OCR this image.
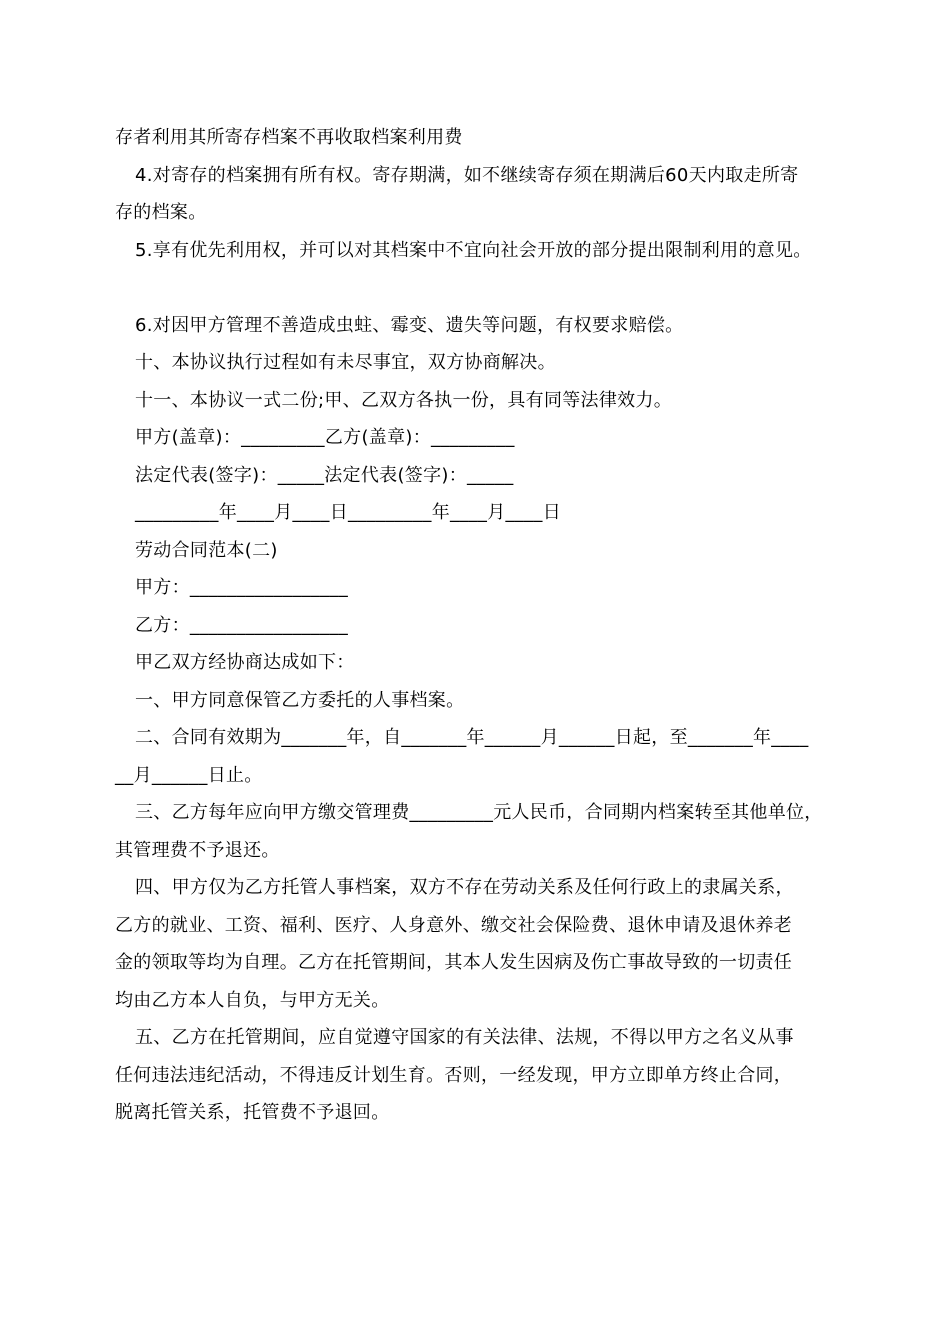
存者利用其所寄存档案不再收取档案利用费
4.对寄存的档案拥有所有权。寄存期满，如不继续寄存须在期满后60天内取走所寄
存的档案。
5.享有优先利用权，并可以对其档案中不宜向社会开放的部分提出限制利用的意见。
6.对因甲方管理不善造成虫蛀、霉变、遗失等问题，有权要求赔偿。
十、本协议执行过程如有未尽事宜，双方协商解决。
十一、本协议一式二份;甲、乙双方各执一份，具有同等法律效力。
甲方(盖章)：_________乙方(盖章)：_________
法定代表(签字)：_____法定代表(签字)：_____
_________年____月____日_________年____月____日
劳动合同范本(二)
甲方：_________________
乙方：_________________
甲乙双方经协商达成如下：
一、甲方同意保管乙方委托的人事档案。
二、合同有效期为_______年，自_______年______月______日起，至_______年____
__月______日止。
三、乙方每年应向甲方缴交管理费_________元人民币，合同期内档案转至其他单位，
其管理费不予退还。
四、甲方仅为乙方托管人事档案，双方不存在劳动关系及任何行政上的隶属关系，
乙方的就业、工资、福利、医疗、人身意外、缴交社会保险费、退休申请及退休养老
金的领取等均为自理。乙方在托管期间，其本人发生因病及伤亡事故导致的一切责任
均由乙方本人自负，与甲方无关。
五、乙方在托管期间，应自觉遵守国家的有关法律、法规，不得以甲方之名义从事
任何违法违纪活动，不得违反计划生育。否则，一经发现，甲方立即单方终止合同，
脱离托管关系，托管费不予退回。
